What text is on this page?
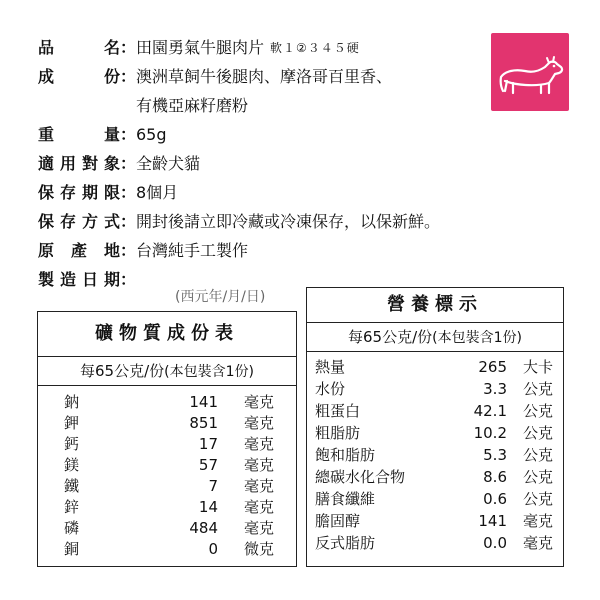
品	名 ： 田園勇氣牛腿肉片 軟１②３４５硬
成	份 ： 澳洲草飼牛後腿肉、摩洛哥百里香、
有機亞麻籽磨粉
重	量 ： 65g
適 用 對 象 ： 全齡犬貓
保 存 期 限 ： 8個月
保 存 方 式 ： 開封後請立即冷藏或冷凍保存，以保新鮮。
原 產 地 ： 台灣純手工製作
製 造 日 期 ：
(西元年/月/日)
礦物質成份表
每65公克/份(本包裝含1份)
鈉	141	毫克
鉀	851	毫克
鈣	17	毫克
鎂	57	毫克
鐵	7	毫克
鋅	14	毫克
磷	484	毫克
銅	0	微克
營養標示
每65公克/份(本包裝含1份)
熱量	265	大卡
水份	3.3	公克
粗蛋白	42.1	公克
粗脂肪	10.2	公克
飽和脂肪	5.3	公克
總碳水化合物	8.6	公克
膳食纖維	0.6	公克
膽固醇	141	毫克
反式脂肪	0.0	毫克
